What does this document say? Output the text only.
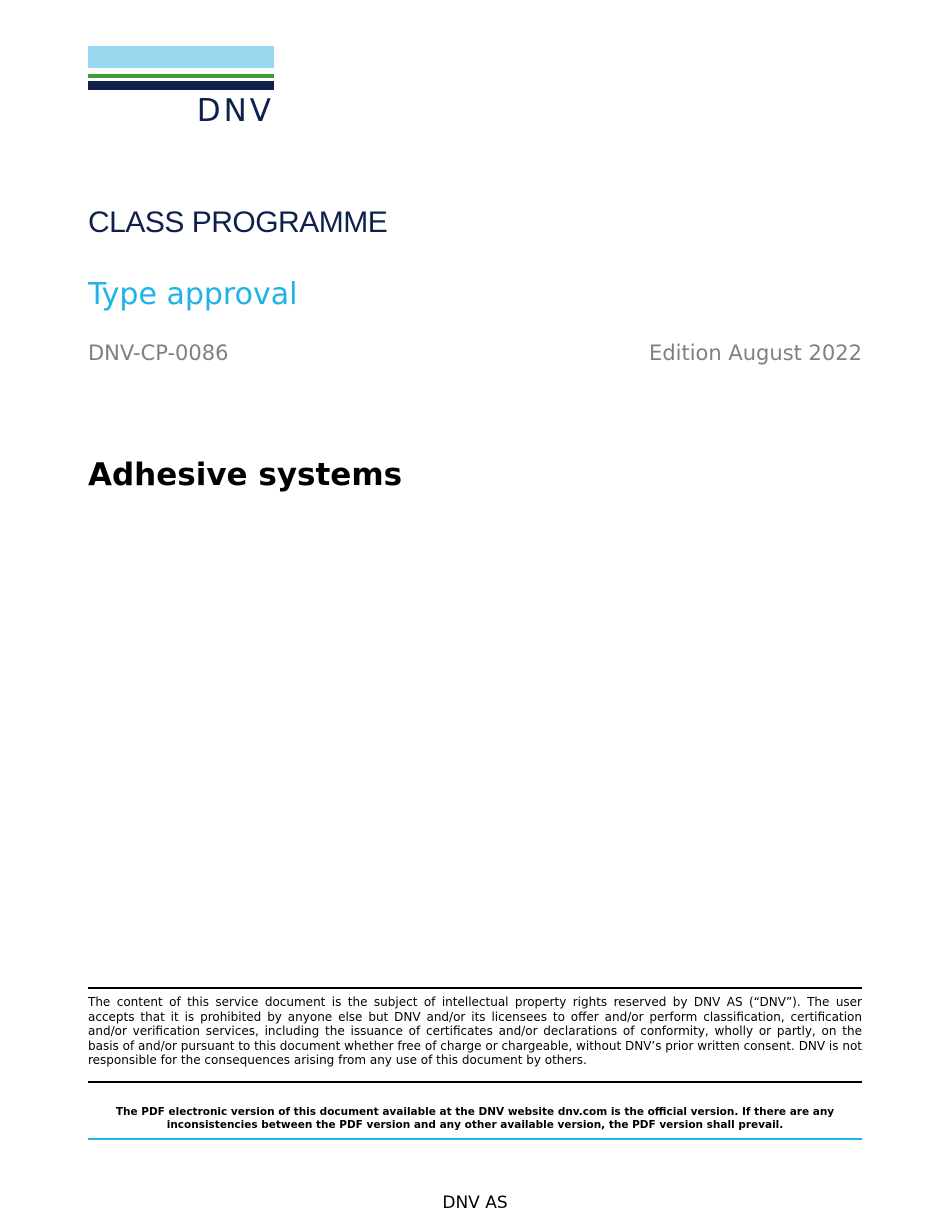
DNV
CLASS PROGRAMME
Type approval
DNV-CP-0086	Edition August 2022
Adhesive systems
The content of this service document is the subject of intellectual property rights reserved by DNV AS (“DNV”). The user accepts that it is prohibited by anyone else but DNV and/or its licensees to offer and/or perform classification, certification and/or verification services, including the issuance of certificates and/or declarations of conformity, wholly or partly, on the basis of and/or pursuant to this document whether free of charge or chargeable, without DNV’s prior written consent. DNV is not responsible for the consequences arising from any use of this document by others.
The PDF electronic version of this document available at the DNV website dnv.com is the official version. If there are any inconsistencies between the PDF version and any other available version, the PDF version shall prevail.
DNV AS
